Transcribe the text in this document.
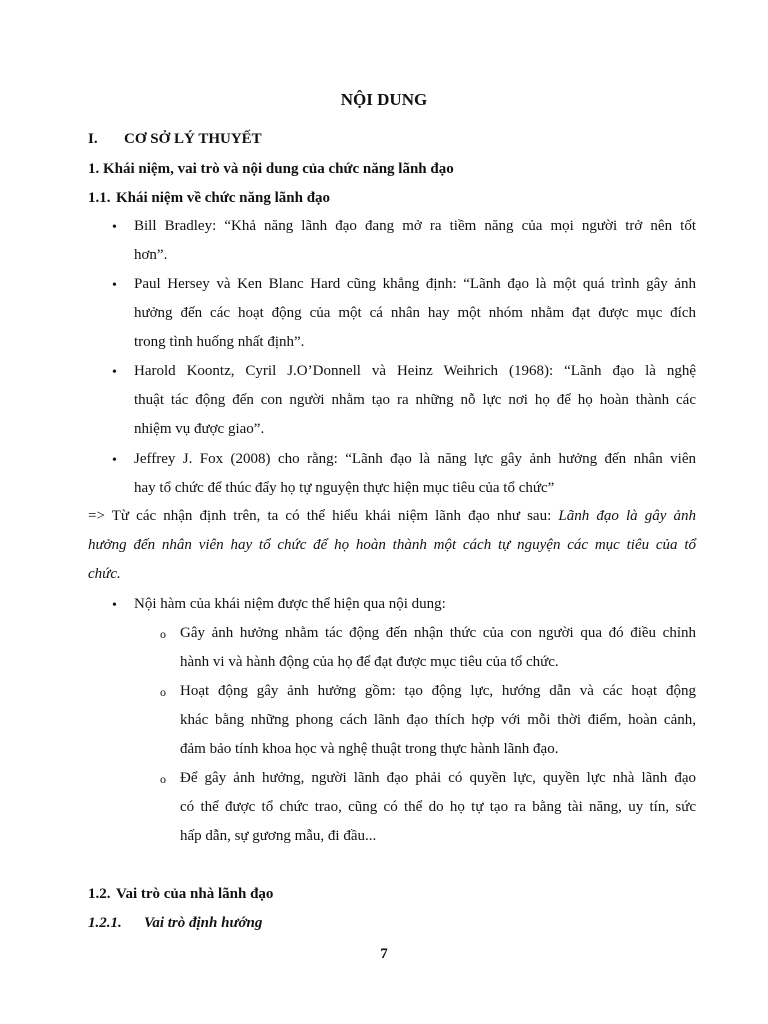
NỘI DUNG
I. CƠ SỞ LÝ THUYẾT
1. Khái niệm, vai trò và nội dung của chức năng lãnh đạo
1.1. Khái niệm về chức năng lãnh đạo
• Bill Bradley: “Khả năng lãnh đạo đang mở ra tiềm năng của mọi người trở nên tốt
hơn”.
• Paul Hersey và Ken Blanc Hard cũng khẳng định: “Lãnh đạo là một quá trình gây ảnh
hưởng đến các hoạt động của một cá nhân hay một nhóm nhằm đạt được mục đích
trong tình huống nhất định”.
• Harold Koontz, Cyril J.O’Donnell và Heinz Weihrich (1968): “Lãnh đạo là nghệ
thuật tác động đến con người nhằm tạo ra những nỗ lực nơi họ để họ hoàn thành các
nhiệm vụ được giao”.
• Jeffrey J. Fox (2008) cho rằng: “Lãnh đạo là năng lực gây ảnh hưởng đến nhân viên
hay tổ chức để thúc đẩy họ tự nguyện thực hiện mục tiêu của tổ chức”
=> Từ các nhận định trên, ta có thể hiểu khái niệm lãnh đạo như sau: Lãnh đạo là gây ảnh
hưởng đến nhân viên hay tổ chức để họ hoàn thành một cách tự nguyện các mục tiêu của tổ
chức.
• Nội hàm của khái niệm được thể hiện qua nội dung:
o Gây ảnh hưởng nhằm tác động đến nhận thức của con người qua đó điều chỉnh
hành vi và hành động của họ để đạt được mục tiêu của tổ chức.
o Hoạt động gây ảnh hưởng gồm: tạo động lực, hướng dẫn và các hoạt động
khác bằng những phong cách lãnh đạo thích hợp với mỗi thời điểm, hoàn cảnh,
đảm bảo tính khoa học và nghệ thuật trong thực hành lãnh đạo.
o Để gây ảnh hưởng, người lãnh đạo phải có quyền lực, quyền lực nhà lãnh đạo
có thể được tổ chức trao, cũng có thể do họ tự tạo ra bằng tài năng, uy tín, sức
hấp dẫn, sự gương mẫu, đi đầu...
1.2. Vai trò của nhà lãnh đạo
1.2.1. Vai trò định hướng
7
